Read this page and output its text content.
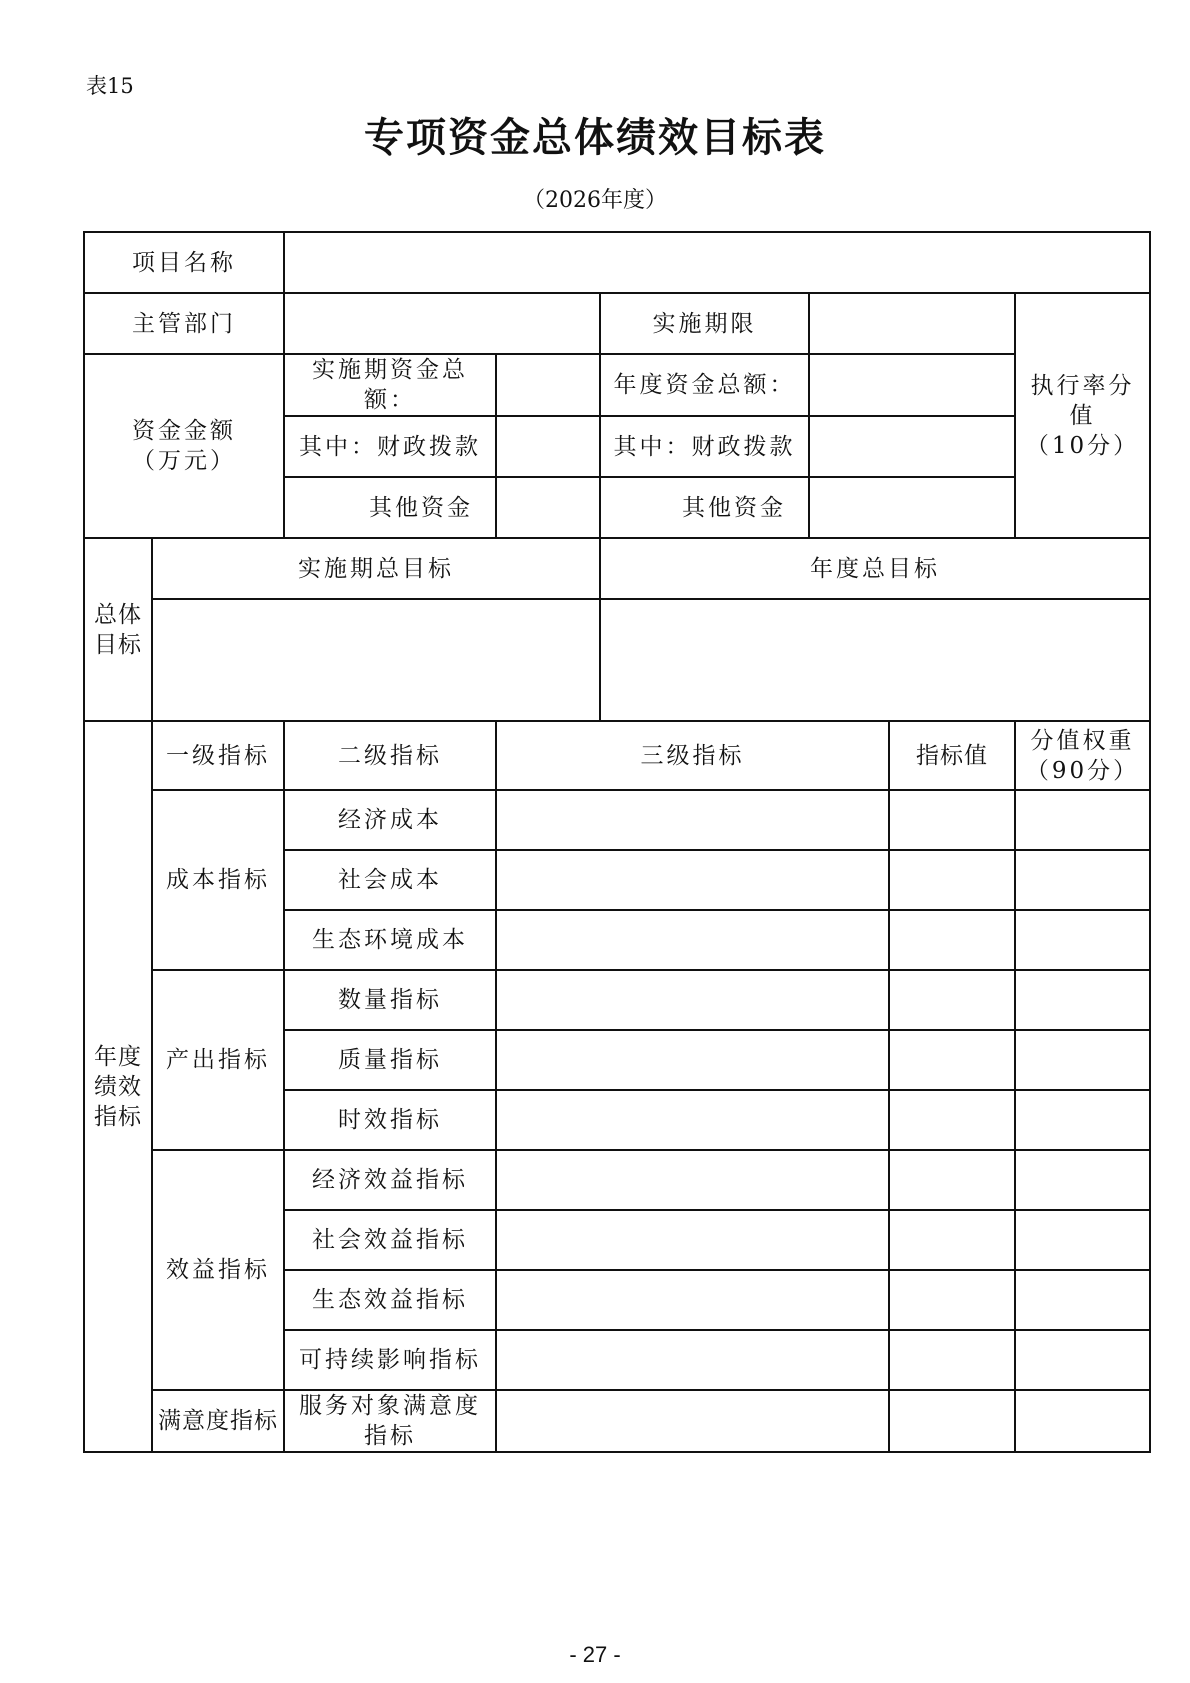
表15
专项资金总体绩效目标表
（2026年度）
项目名称							
主管部门				实施期限			执行率分值
（10分）

资金金额
（万元）		实施期资金总额：		年度资金总额：			
		其中：财政拨款		其中：财政拨款			
		其他资金		其他资金			

总体
目标	实施期总目标			年度总目标			

年度
绩效
指标	一级指标	二级指标	三级指标			指标值	分值权重
（90分）

	成本指标	经济成本					
		社会成本					
		生态环境成本					
	产出指标	数量指标					
		质量指标					
		时效指标					
	效益指标	经济效益指标					
		社会效益指标					
		生态效益指标					
		可持续影响指标					
	满意度指标	服务对象满意度
指标					

- 27 -
